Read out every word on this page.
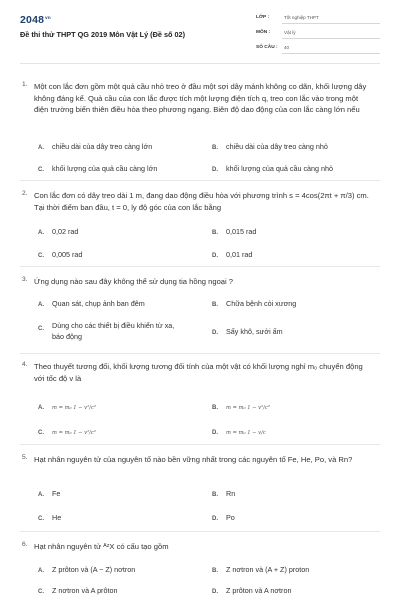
$2048^{vn}$
Đề thi thử THPT QG 2019 Môn Vật Lý (Đề số 02)
LỚP :	Tốt nghiệp THPT
MÔN :	Vật lý
SỐ CÂU : 40
1. Một con lắc đơn gồm một quả cầu nhỏ treo ở đầu một sợi dây mảnh không co dãn, khối lượng dây không đáng kể. Quả cầu của con lắc được tích một lượng điện tích q, treo con lắc vào trong một điện trường biến thiên điều hòa theo phương ngang. Biên độ dao động của con lắc càng lớn nếu
A. chiều dài của dây treo càng lớn	B. chiều dài của dây treo càng nhỏ
C. khối lượng của quả cầu càng lớn	D. khối lượng của quả cầu càng nhỏ
2. Con lắc đơn có dây treo dài 1 m, đang dao động điều hòa với phương trình s = 4cos(2πt + π/3) cm. Tại thời điểm ban đầu, t = 0, ly độ góc của con lắc bằng
A. 0,02 rad	B. 0,015 rad
C. 0,005 rad	D. 0,01 rad
3. Ứng dụng nào sau đây không thể sử dụng tia hồng ngoại ?
A. Quan sát, chụp ảnh ban đêm	B. Chữa bệnh còi xương
C.	Dùng cho các thiết bị điều khiển từ xa, báo động	D. Sấy khô, sưởi ấm
4. Theo thuyết tương đối, khối lượng tương đối tính của một vật có khối lượng nghỉ m₀ chuyển động với tốc độ v là
A. m = m₀ 1 − v²/c²	B. m = m₀ 1 − v²/c²
C. m = m₀ 1 − v²/c²	D. m = m₀ 1 − v/c
5. Hạt nhân nguyên tử của nguyên tố nào bền vững nhất trong các nguyên tố Fe, He, Po, và Rn?
A. Fe	B. Rn
C. He	D. Po
6. Hạt nhân nguyên tử ᴬᶻX có cấu tạo gồm
A. Z prôton và (A − Z) nơtron	B. Z nơtron và (A + Z) proton
C. Z nơtron và A prôton	D. Z prôton và A nơtron
